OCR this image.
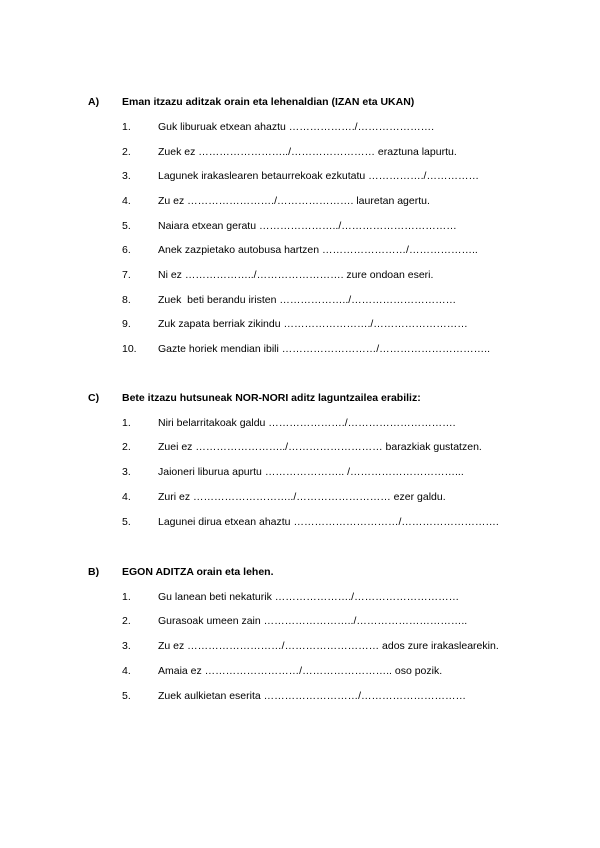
A) Eman itzazu aditzak orain eta lehenaldian (IZAN eta UKAN)
1.	Guk liburuak etxean ahaztu ………………./………………….
2.	Zuek ez ……………………../…………………… eraztuna lapurtu.
3.	Lagunek irakaslearen betaurrekoak ezkutatu ……………./……………
4.	Zu ez ……………………./…………………. lauretan agertu.
5.	Naiara etxean geratu …………………../……………………………
6.	Anek zazpietako autobusa hartzen ……………………/………………..
7.	Ni ez ………………../……………………. zure ondoan eseri.
8.	Zuek  beti berandu iristen ………………../…………………………
9.	Zuk zapata berriak zikindu ……………………./………………………
10. Gazte horiek mendian ibili ………………………/…………………………..
C) Bete itzazu hutsuneak NOR-NORI aditz laguntzailea erabiliz:
1.	Niri belarritakoak galdu …………………./………………………….
2.	Zuei ez ……………………../……………………… barazkiak gustatzen.
3.	Jaioneri liburua apurtu ………………….. /…………………………...
4.	Zuri ez ………………………../……………………… ezer galdu.
5.	Lagunei dirua etxean ahaztu …………………………/……………………….
B) EGON ADITZA orain eta lehen.
1.	Gu lanean beti nekaturik …………………./…………………………
2.	Gurasoak umeen zain ……………………../…………………………..
3.	Zu ez ………………………/……………………… ados zure irakaslearekin.
4.	Amaia ez ………………………/…………………….. oso pozik.
5.	Zuek aulkietan eserita ………………………/…………………………
